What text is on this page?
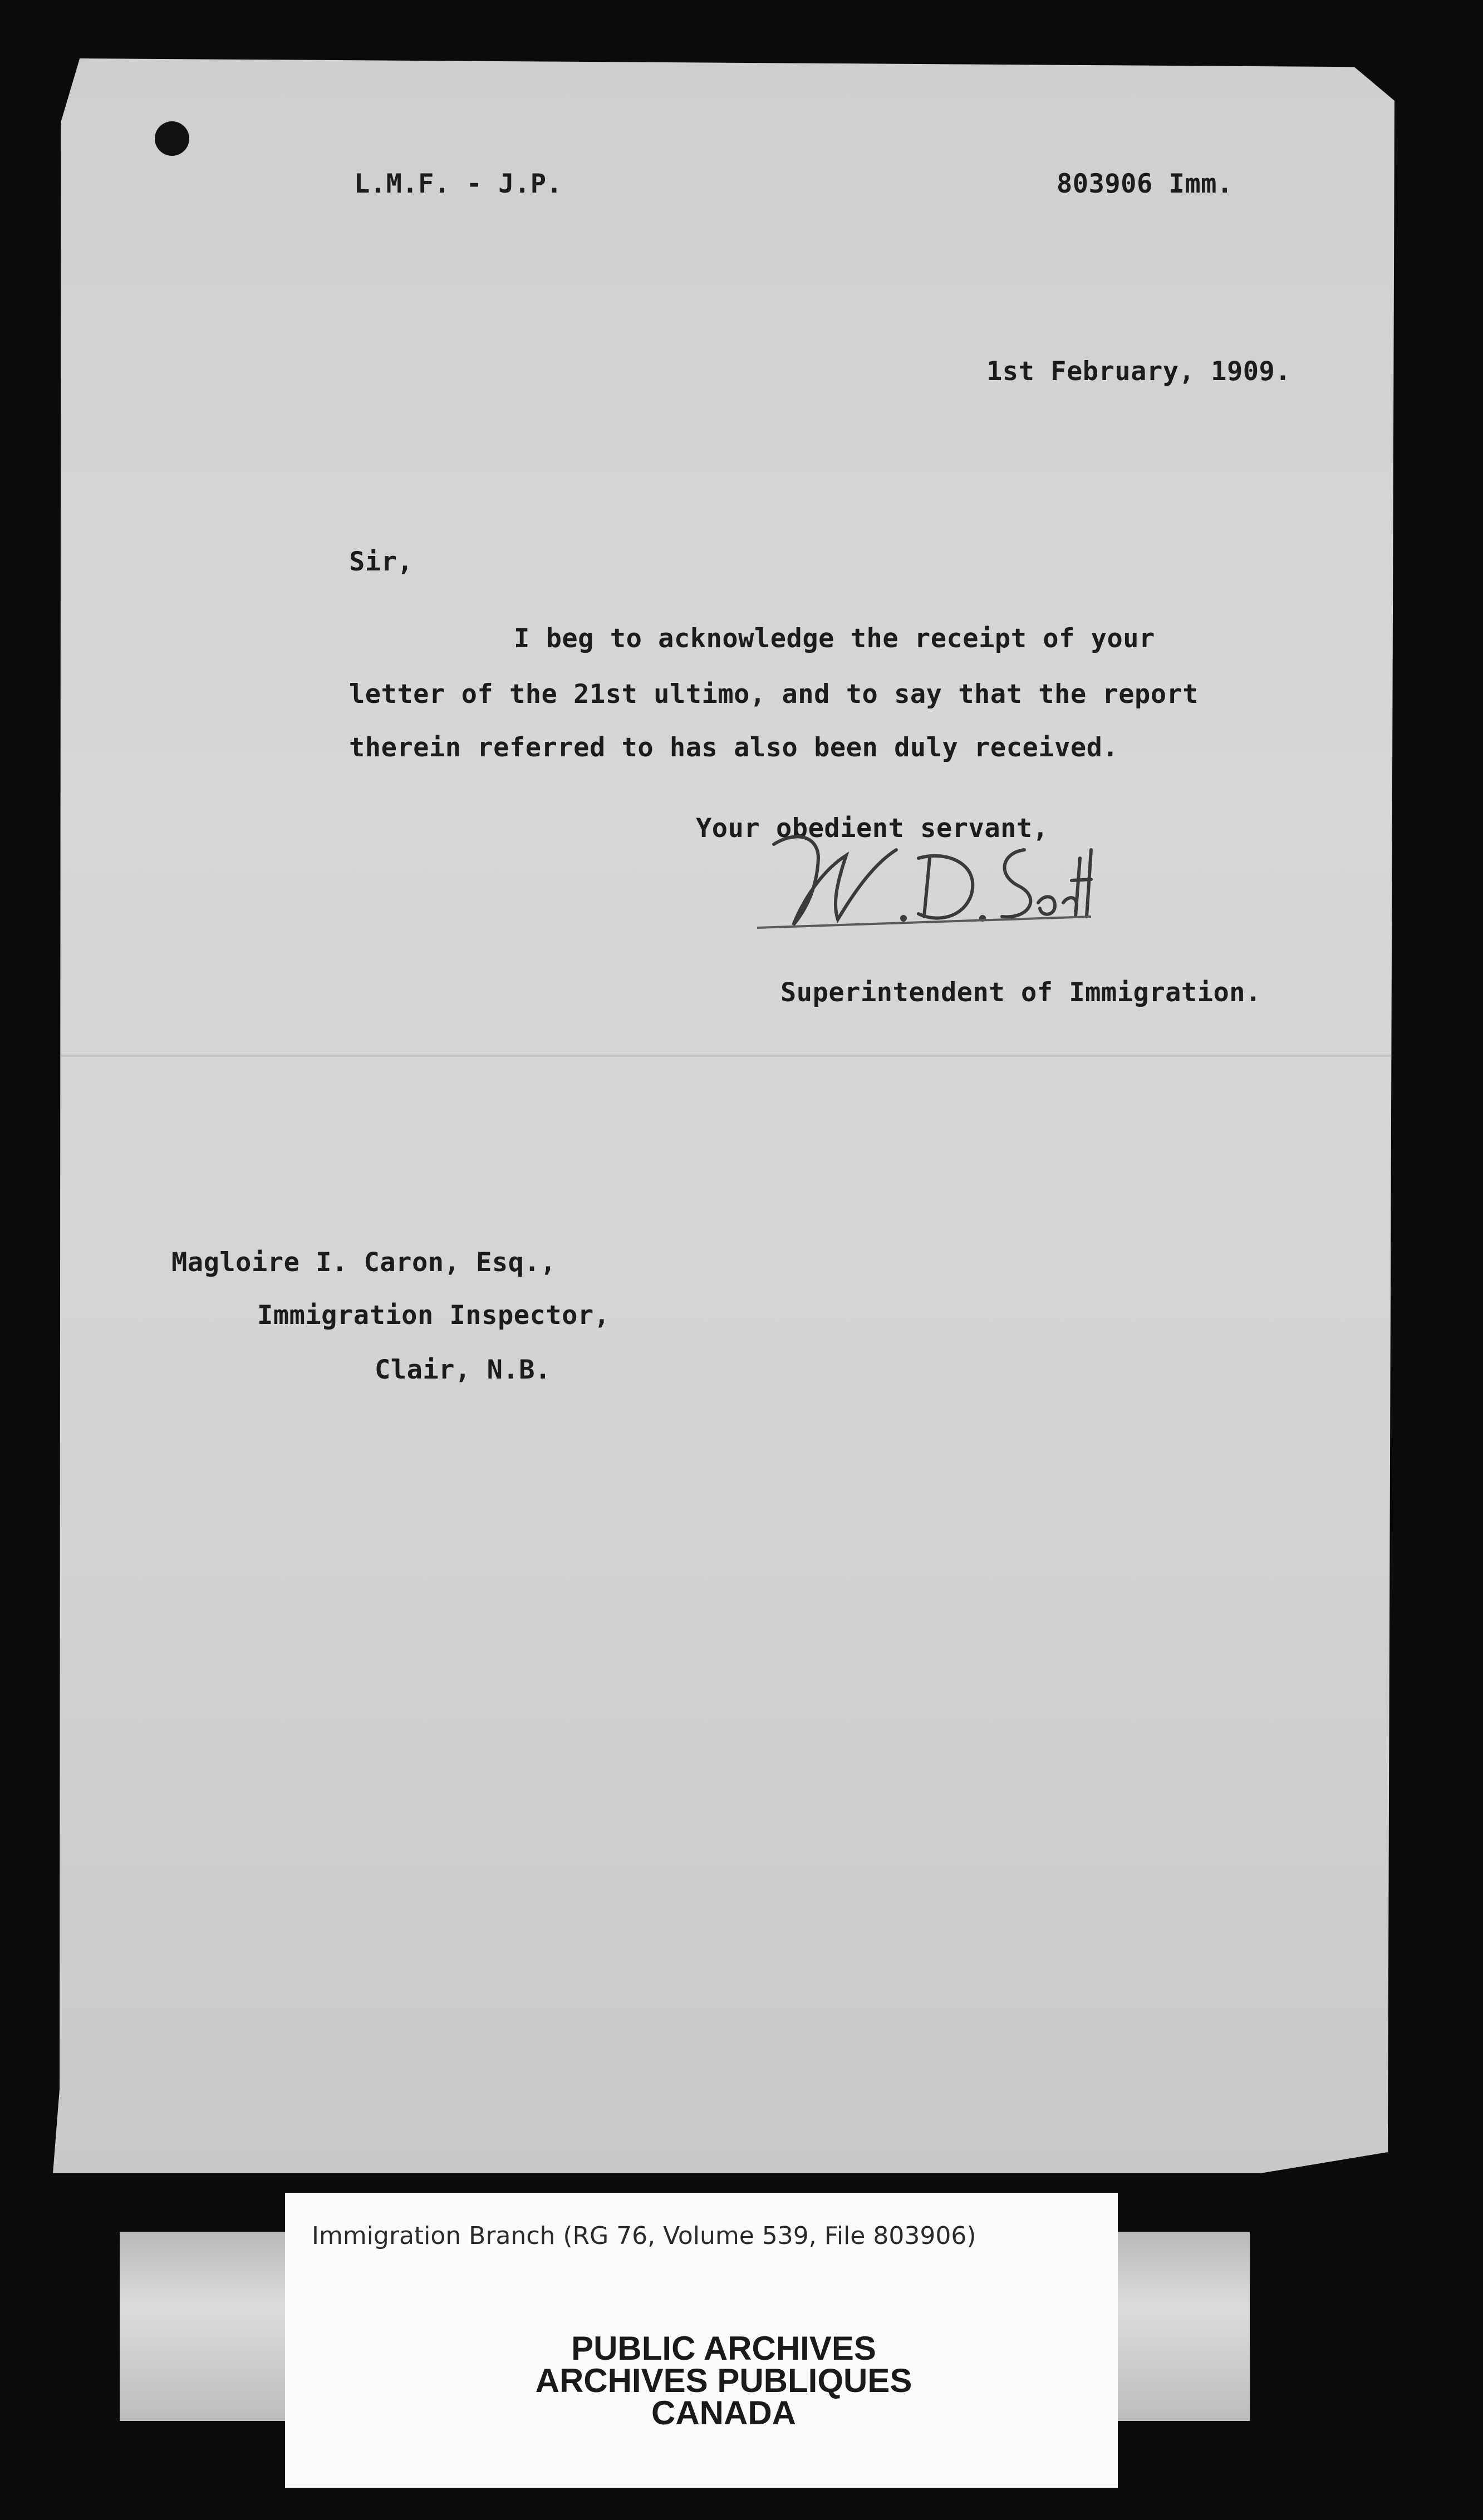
L.M.F. - J.P.	803906 Imm.
1st February, 1909.
Sir,
I beg to acknowledge the receipt of your
letter of the 21st ultimo, and to say that the report
therein referred to has also been duly received.
Your obedient servant,
Superintendent of Immigration.
Magloire I. Caron, Esq.,
Immigration Inspector,
Clair, N.B.
Immigration Branch (RG 76, Volume 539, File 803906)
PUBLIC ARCHIVES
ARCHIVES PUBLIQUES
CANADA
